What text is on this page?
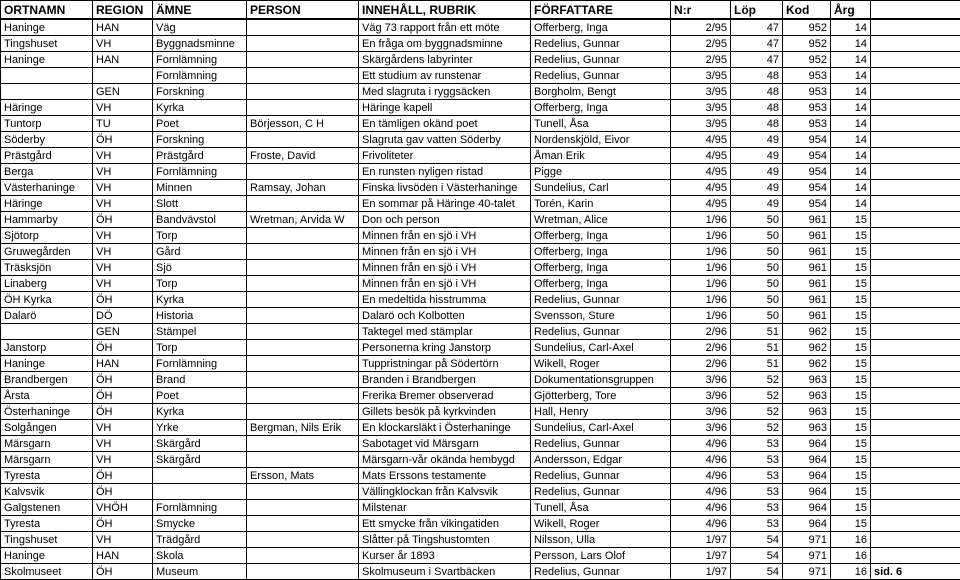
ORTNAMN	REGION	ÄMNE	PERSON	INNEHÅLL, RUBRIK	FÖRFATTARE	N:r	Löp	Kod	Årg	
Haninge	HAN	Väg		Väg 73 rapport från ett möte	Offerberg, Inga	2/95	47	952	14	
Tingshuset	VH	Byggnadsminne		En fråga om byggnadsminne	Redelius, Gunnar	2/95	47	952	14	
Haninge	HAN	Fornlämning		Skärgårdens labyrinter	Redelius, Gunnar	2/95	47	952	14	
		Fornlämning		Ett studium av runstenar	Redelius, Gunnar	3/95	48	953	14	
	GEN	Forskning		Med slagruta i ryggsäcken	Borgholm, Bengt	3/95	48	953	14	
Häringe	VH	Kyrka		Häringe kapell	Offerberg, Inga	3/95	48	953	14	
Tuntorp	TU	Poet	Börjesson, C H	En tämligen okänd poet	Tunell, Åsa	3/95	48	953	14	
Söderby	ÖH	Forskning		Slagruta gav vatten Söderby	Nordenskjöld, Eivor	4/95	49	954	14	
Prästgård	VH	Prästgård	Froste, David	Frivoliteter	Åman Erik	4/95	49	954	14	
Berga	VH	Fornlämning		En runsten nyligen ristad	Pigge	4/95	49	954	14	
Västerhaninge	VH	Minnen	Ramsay, Johan	Finska livsöden i Västerhaninge	Sundelius, Carl	4/95	49	954	14	
Häringe	VH	Slott		En sommar på Häringe 40-talet	Torén, Karin	4/95	49	954	14	
Hammarby	ÖH	Bandvävstol	Wretman, Arvida W	Don och person	Wretman, Alice	1/96	50	961	15	
Sjötorp	VH	Torp		Minnen från en sjö i VH	Offerberg, Inga	1/96	50	961	15	
Gruwegården	VH	Gård		Minnen från en sjö i VH	Offerberg, Inga	1/96	50	961	15	
Träsksjön	VH	Sjö		Minnen från en sjö i VH	Offerberg, Inga	1/96	50	961	15	
Linaberg	VH	Torp		Minnen från en sjö i VH	Offerberg, Inga	1/96	50	961	15	
ÖH Kyrka	ÖH	Kyrka		En medeltida hisstrumma	Redelius, Gunnar	1/96	50	961	15	
Dalarö	DÖ	Historia		Dalarö och Kolbotten	Svensson, Sture	1/96	50	961	15	
	GEN	Stämpel		Taktegel med stämplar	Redelius, Gunnar	2/96	51	962	15	
Janstorp	ÖH	Torp		Personerna kring Janstorp	Sundelius, Carl-Axel	2/96	51	962	15	
Haninge	HAN	Fornlämning		Tuppristningar på Södertörn	Wikell, Roger	2/96	51	962	15	
Brandbergen	ÖH	Brand		Branden i Brandbergen	Dokumentationsgruppen	3/96	52	963	15	
Årsta	ÖH	Poet		Frerika Bremer observerad	Gjötterberg, Tore	3/96	52	963	15	
Österhaninge	ÖH	Kyrka		Gillets besök på kyrkvinden	Hall, Henry	3/96	52	963	15	
Solgången	VH	Yrke	Bergman, Nils Erik	En klockarsläkt i Österhaninge	Sundelius, Carl-Axel	3/96	52	963	15	
Märsgarn	VH	Skärgård		Sabotaget vid Märsgarn	Redelius, Gunnar	4/96	53	964	15	
Märsgarn	VH	Skärgård		Märsgarn-vår okända hembygd	Andersson, Edgar	4/96	53	964	15	
Tyresta	ÖH		Ersson, Mats	Mats Erssons testamente	Redelius, Gunnar	4/96	53	964	15	
Kalvsvik	ÖH			Vällingklockan från Kalvsvik	Redelius, Gunnar	4/96	53	964	15	
Galgstenen	VHÖH	Fornlämning		Milstenar	Tunell, Åsa	4/96	53	964	15	
Tyresta	ÖH	Smycke		Ett smycke från vikingatiden	Wikell, Roger	4/96	53	964	15	
Tingshuset	VH	Trädgård		Slåtter på Tingshustomten	Nilsson, Ulla	1/97	54	971	16	
Haninge	HAN	Skola		Kurser år 1893	Persson, Lars Olof	1/97	54	971	16	
Skolmuseet	ÖH	Museum		Skolmuseum i Svartbäcken	Redelius, Gunnar	1/97	54	971	16	sid. 6
